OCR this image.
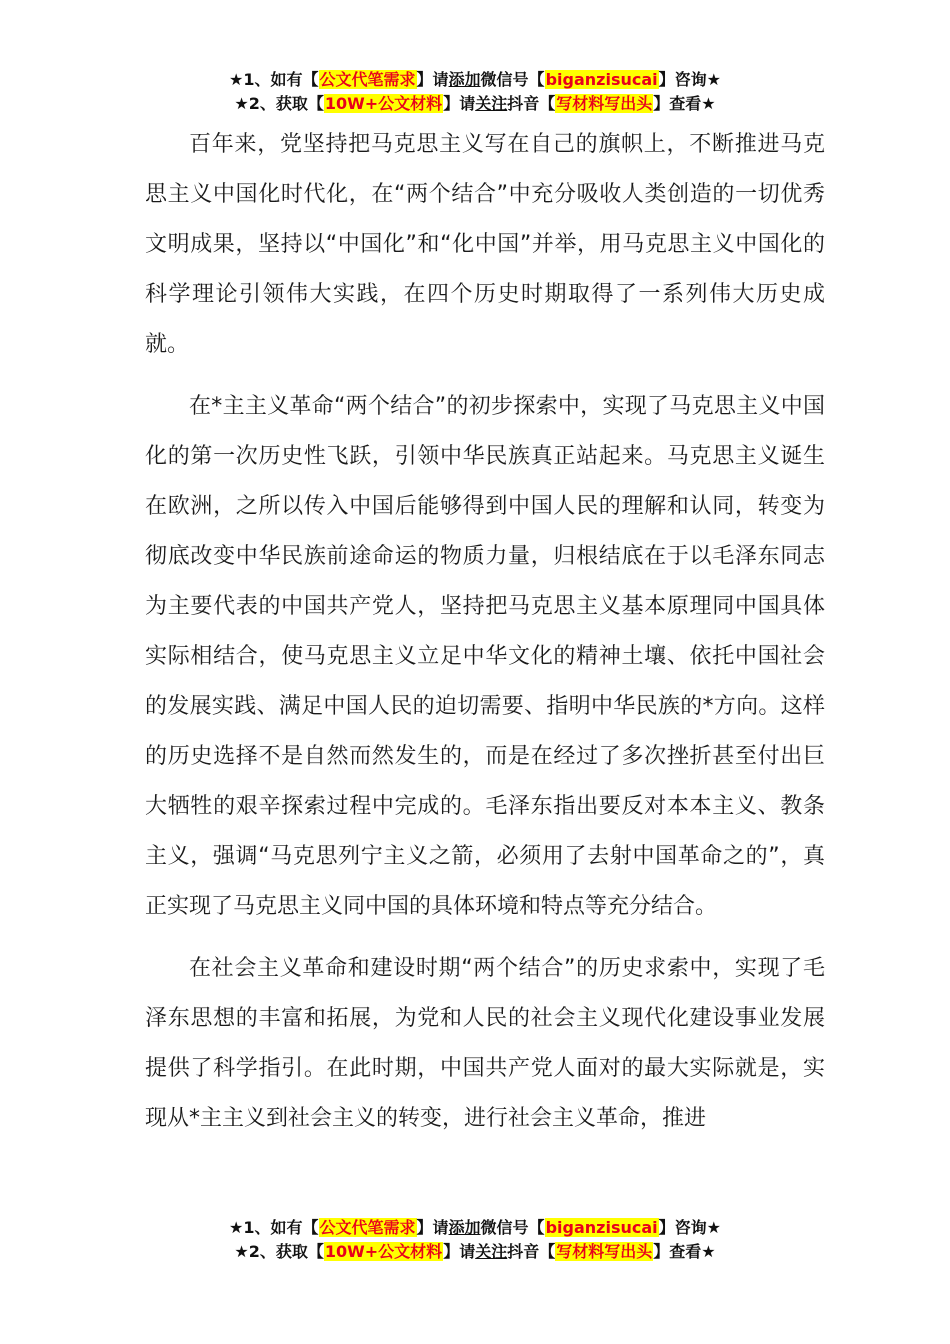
★1、如有【公文代笔需求】请添加微信号【biganzisucai】咨询★
★2、获取【10W+公文材料】请关注抖音【写材料写出头】查看★

百年来，党坚持把马克思主义写在自己的旗帜上，不断推进马克思主义中国化时代化，在“两个结合”中充分吸收人类创造的一切优秀文明成果，坚持以“中国化”和“化中国”并举，用马克思主义中国化的科学理论引领伟大实践，在四个历史时期取得了一系列伟大历史成就。

在*主主义革命“两个结合”的初步探索中，实现了马克思主义中国化的第一次历史性飞跃，引领中华民族真正站起来。马克思主义诞生在欧洲，之所以传入中国后能够得到中国人民的理解和认同，转变为彻底改变中华民族前途命运的物质力量，归根结底在于以毛泽东同志为主要代表的中国共产党人，坚持把马克思主义基本原理同中国具体实际相结合，使马克思主义立足中华文化的精神土壤、依托中国社会的发展实践、满足中国人民的迫切需要、指明中华民族的*方向。这样的历史选择不是自然而然发生的，而是在经过了多次挫折甚至付出巨大牺牲的艰辛探索过程中完成的。毛泽东指出要反对本本主义、教条主义，强调“马克思列宁主义之箭，必须用了去射中国革命之的”，真正实现了马克思主义同中国的具体环境和特点等充分结合。

在社会主义革命和建设时期“两个结合”的历史求索中，实现了毛泽东思想的丰富和拓展，为党和人民的社会主义现代化建设事业发展提供了科学指引。在此时期，中国共产党人面对的最大实际就是，实现从*主主义到社会主义的转变，进行社会主义革命，推进

★1、如有【公文代笔需求】请添加微信号【biganzisucai】咨询★
★2、获取【10W+公文材料】请关注抖音【写材料写出头】查看★
